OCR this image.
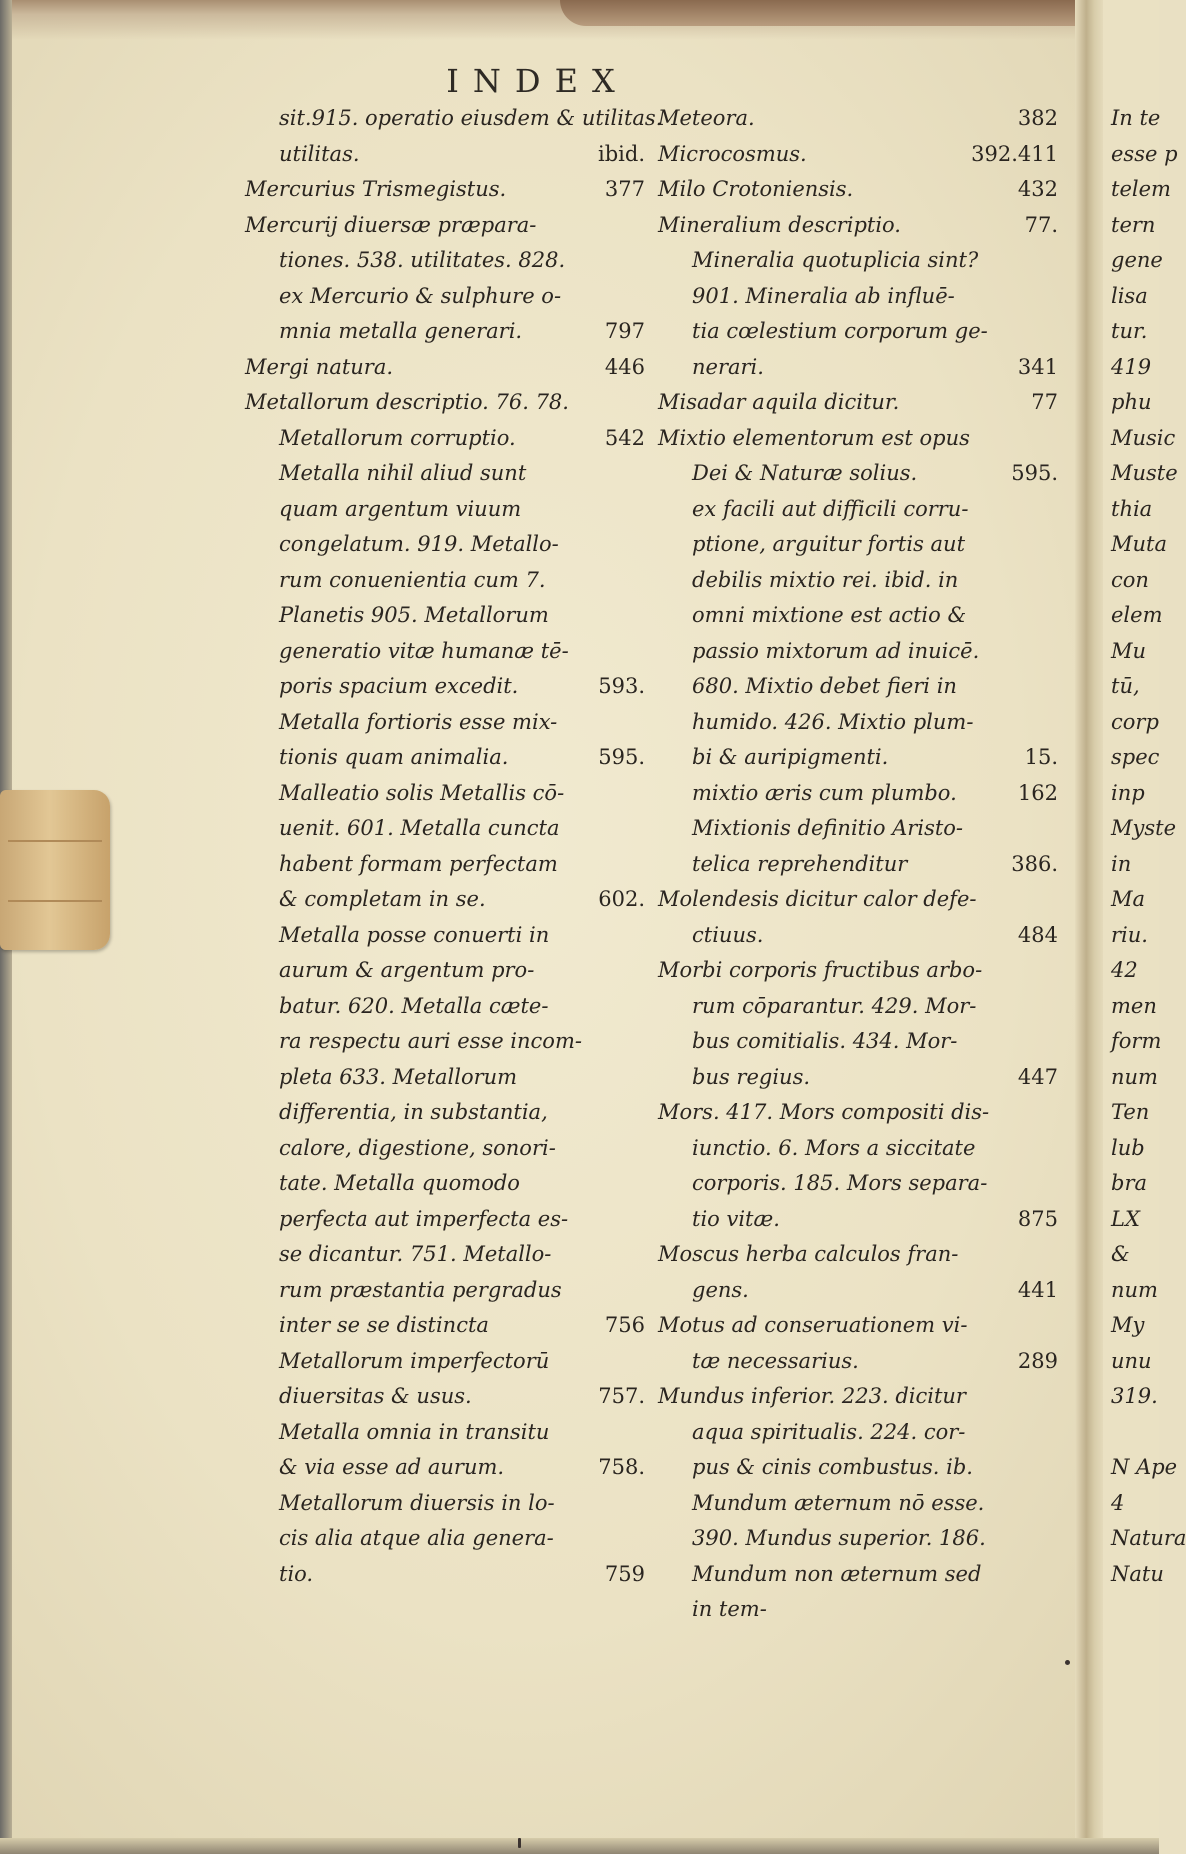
In te
esse p
telem
tern
gene
lisa
tur.
419
phu
Music
Muste
thia
Muta
con
elem
Mu
tū,
corp
spec
inp
Myste
in
Ma
riu.
42
men
form
num
Ten
lub
bra
LX
&
num
My
unu
319.
N Ape
4
Natura
Natu
INDEX
sit.915. operatio eiusdem & utilitas.
utilitas.	ibid.
Mercurius Trismegistus.	377
Mercurij diuersæ præpara-
tiones. 538. utilitates. 828.
ex Mercurio & sulphure o-
mnia metalla generari.	797
Mergi natura.	446
Metallorum descriptio. 76. 78.
Metallorum corruptio.	542
Metalla nihil aliud sunt
quam argentum viuum
congelatum. 919. Metallo-
rum conuenientia cum 7.
Planetis 905. Metallorum
generatio vitæ humanæ tē-
poris spacium excedit.	593.
Metalla fortioris esse mix-
tionis quam animalia.	595.
Malleatio solis Metallis cō-
uenit. 601. Metalla cuncta
habent formam perfectam
& completam in se.	602.
Metalla posse conuerti in
aurum & argentum pro-
batur. 620. Metalla cæte-
ra respectu auri esse incom-
pleta 633. Metallorum
differentia, in substantia,
calore, digestione, sonori-
tate. Metalla quomodo
perfecta aut imperfecta es-
se dicantur. 751. Metallo-
rum præstantia pergradus
inter se se distincta	756
Metallorum imperfectorū
diuersitas & usus.	757.
Metalla omnia in transitu
& via esse ad aurum.	758.
Metallorum diuersis in lo-
cis alia atque alia genera-
tio.	759
Meteora.	382
Microcosmus.	392.411
Milo Crotoniensis.	432
Mineralium descriptio.	77.
Mineralia quotuplicia sint?
901. Mineralia ab influē-
tia cœlestium corporum ge-
nerari.	341
Misadar aquila dicitur.	77
Mixtio elementorum est opus
Dei & Naturæ solius.	595.
ex facili aut difficili corru-
ptione, arguitur fortis aut
debilis mixtio rei. ibid. in
omni mixtione est actio &
passio mixtorum ad inuicē.
680. Mixtio debet fieri in
humido. 426. Mixtio plum-
bi & auripigmenti.	15.
mixtio æris cum plumbo.	162
Mixtionis definitio Aristo-
telica reprehenditur	386.
Molendesis dicitur calor defe-
ctiuus.	484
Morbi corporis fructibus arbo-
rum cōparantur. 429. Mor-
bus comitialis. 434. Mor-
bus regius.	447
Mors. 417. Mors compositi dis-
iunctio. 6. Mors a siccitate
corporis. 185. Mors separa-
tio vitæ.	875
Moscus herba calculos fran-
gens.	441
Motus ad conseruationem vi-
tæ necessarius.	289
Mundus inferior. 223. dicitur
aqua spiritualis. 224. cor-
pus & cinis combustus. ib.
Mundum æternum nō esse.
390. Mundus superior. 186.
Mundum non æternum sed
in tem-
